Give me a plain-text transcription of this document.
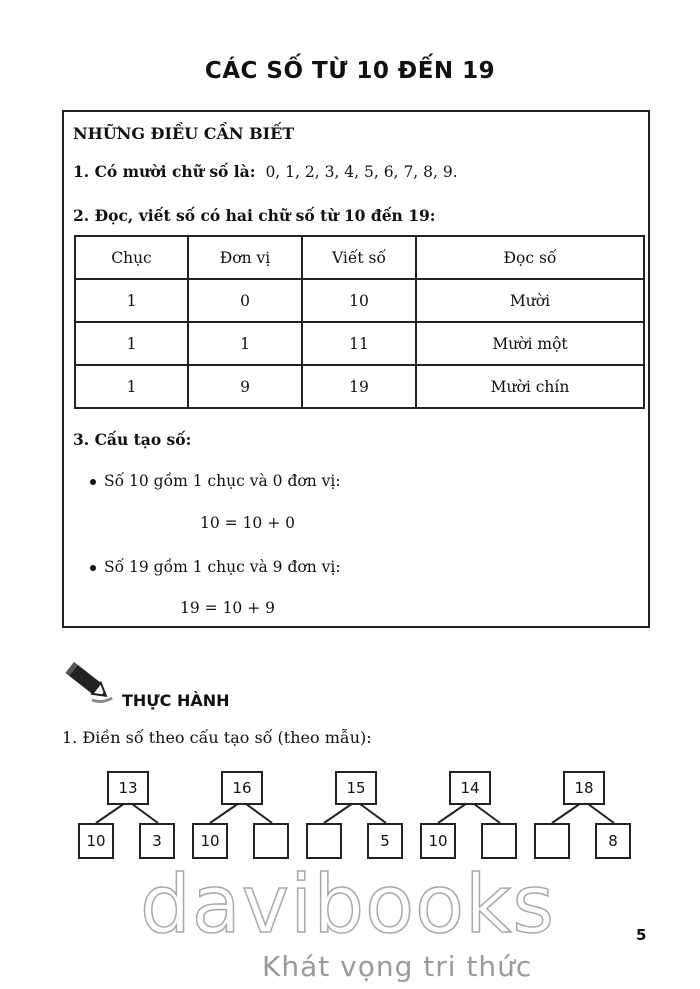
CÁC SỐ TỪ 10 ĐẾN 19
NHỮNG ĐIỀU CẦN BIẾT
1. Có mười chữ số là: 0, 1, 2, 3, 4, 5, 6, 7, 8, 9.
2. Đọc, viết số có hai chữ số từ 10 đến 19:
Chục	Đơn vị	Viết số	Đọc số
1	0	10	Mười
1	1	11	Mười một
1	9	19	Mười chín
3. Cấu tạo số:
Số 10 gồm 1 chục và 0 đơn vị:
10 = 10 + 0
Số 19 gồm 1 chục và 9 đơn vị:
19 = 10 + 9
THỰC HÀNH
1. Điền số theo cấu tạo số (theo mẫu):
13
10	3
16
10
15
5
14
10
18
8
davibooks
Khát vọng tri thức
5
